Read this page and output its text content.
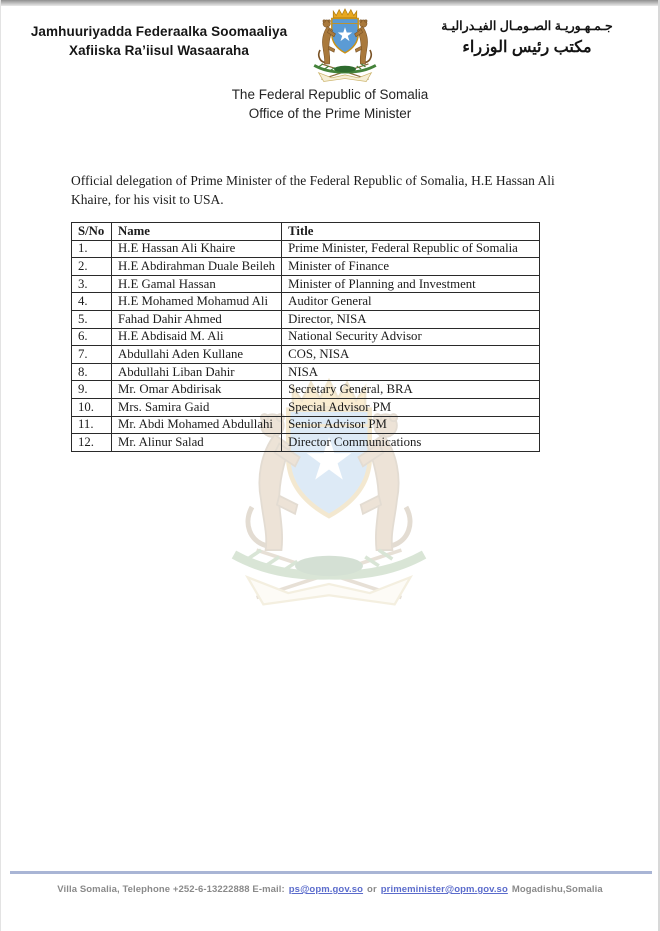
Jamhuuriyadda Federaalka Soomaaliya
Xafiiska Ra’iisul Wasaaraha
جـمـهـوريـة الصـومـال الفيـدراليـة
مكتب رئيس الوزراء
The Federal Republic of Somalia
Office of the Prime Minister
Official delegation of Prime Minister of the Federal Republic of Somalia, H.E Hassan Ali Khaire, for his visit to USA.
S/No	Name	Title
1.	H.E Hassan Ali Khaire	Prime Minister, Federal Republic of Somalia
2.	H.E Abdirahman Duale Beileh	Minister of Finance
3.	H.E Gamal Hassan	Minister of Planning and Investment
4.	H.E Mohamed Mohamud Ali	Auditor General
5.	Fahad Dahir Ahmed	Director, NISA
6.	H.E Abdisaid M. Ali	National Security Advisor
7.	Abdullahi Aden Kullane	COS, NISA
8.	Abdullahi Liban Dahir	NISA
9.	Mr. Omar Abdirisak	Secretary General, BRA
10.	Mrs. Samira Gaid	Special Advisor PM
11.	Mr. Abdi Mohamed Abdullahi	Senior Advisor PM
12.	Mr. Alinur Salad	Director Communications
Villa Somalia, Telephone +252-6-13222888 E-mail: ps@opm.gov.so or primeminister@opm.gov.so Mogadishu,Somalia
